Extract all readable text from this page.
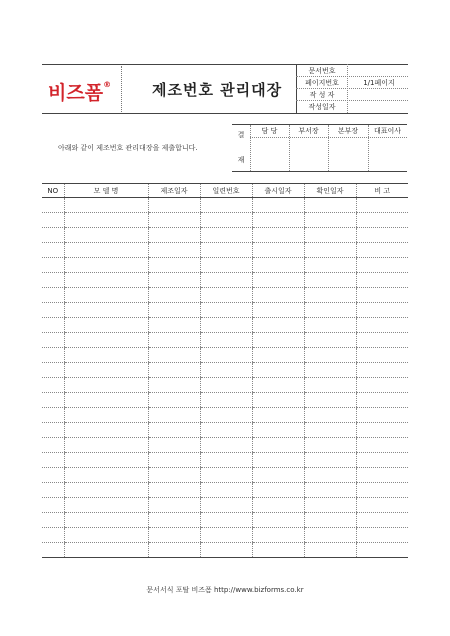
비즈폼®	제조번호 관리대장
문서번호
페이지번호	1/1페이지
작 성 자
작성일자
아래와 같이 제조번호 관리대장을 제출합니다.
결
재
담 당	부서장	본부장	대표이사
NO	모 델 명	제조일자	일련번호	출시일자	확인일자	비 고

문서서식 포탈 비즈폼 http://www.bizforms.co.kr
